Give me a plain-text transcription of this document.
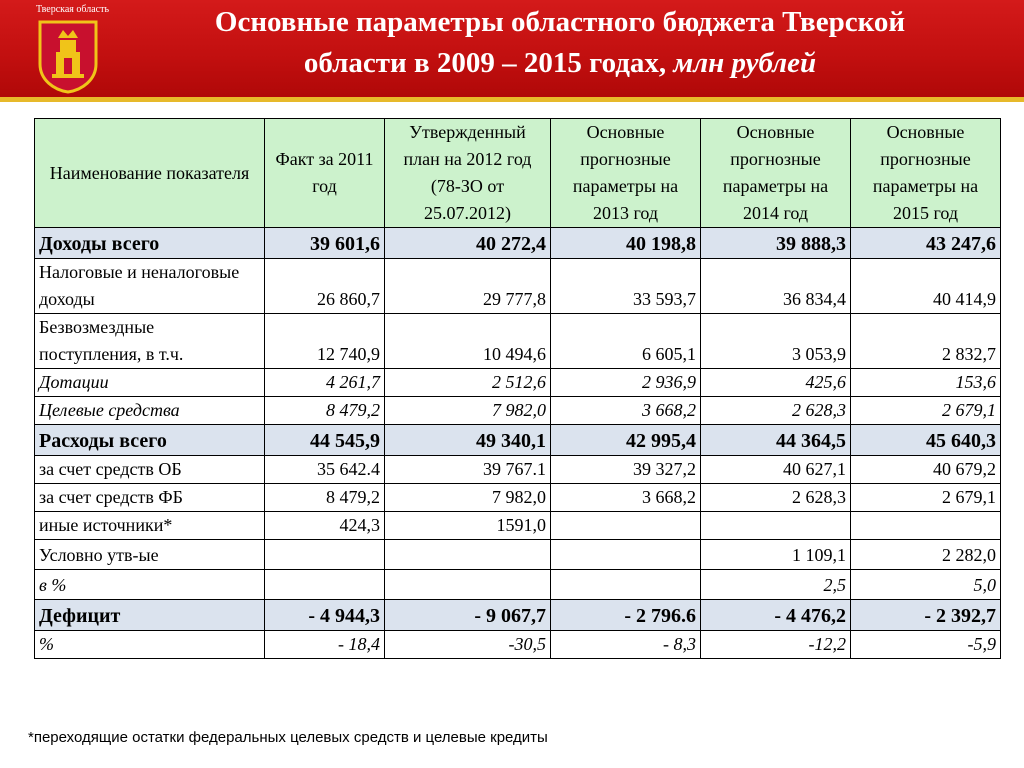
Тверская область	Основные параметры областного бюджета Тверской
области в 2009 – 2015 годах, млн рублей
Наименование показателя	Факт за 2011 год	Утвержденный план на 2012 год (78-ЗО от 25.07.2012)	Основные прогнозные параметры на 2013 год	Основные прогнозные параметры на 2014 год	Основные прогнозные параметры на 2015 год
Доходы всего	39 601,6	40 272,4	40 198,8	39 888,3	43 247,6
Налоговые и неналоговые доходы	26 860,7	29 777,8	33 593,7	36 834,4	40 414,9
Безвозмездные поступления, в т.ч.	12 740,9	10 494,6	6 605,1	3 053,9	2 832,7
Дотации	4 261,7	2 512,6	2 936,9	425,6	153,6
Целевые средства	8 479,2	7 982,0	3 668,2	2 628,3	2 679,1
Расходы всего	44 545,9	49 340,1	42 995,4	44 364,5	45 640,3
за счет средств ОБ	35 642.4	39 767.1	39 327,2	40 627,1	40 679,2
за счет средств ФБ	8 479,2	7 982,0	3 668,2	2 628,3	2 679,1
иные источники*	424,3	1591,0			
Условно утв-ые				1 109,1	2 282,0
в %				2,5	5,0
Дефицит	- 4 944,3	- 9 067,7	- 2 796.6	- 4 476,2	- 2 392,7
%	- 18,4	-30,5	- 8,3	-12,2	-5,9
*переходящие остатки федеральных целевых средств и целевые кредиты
